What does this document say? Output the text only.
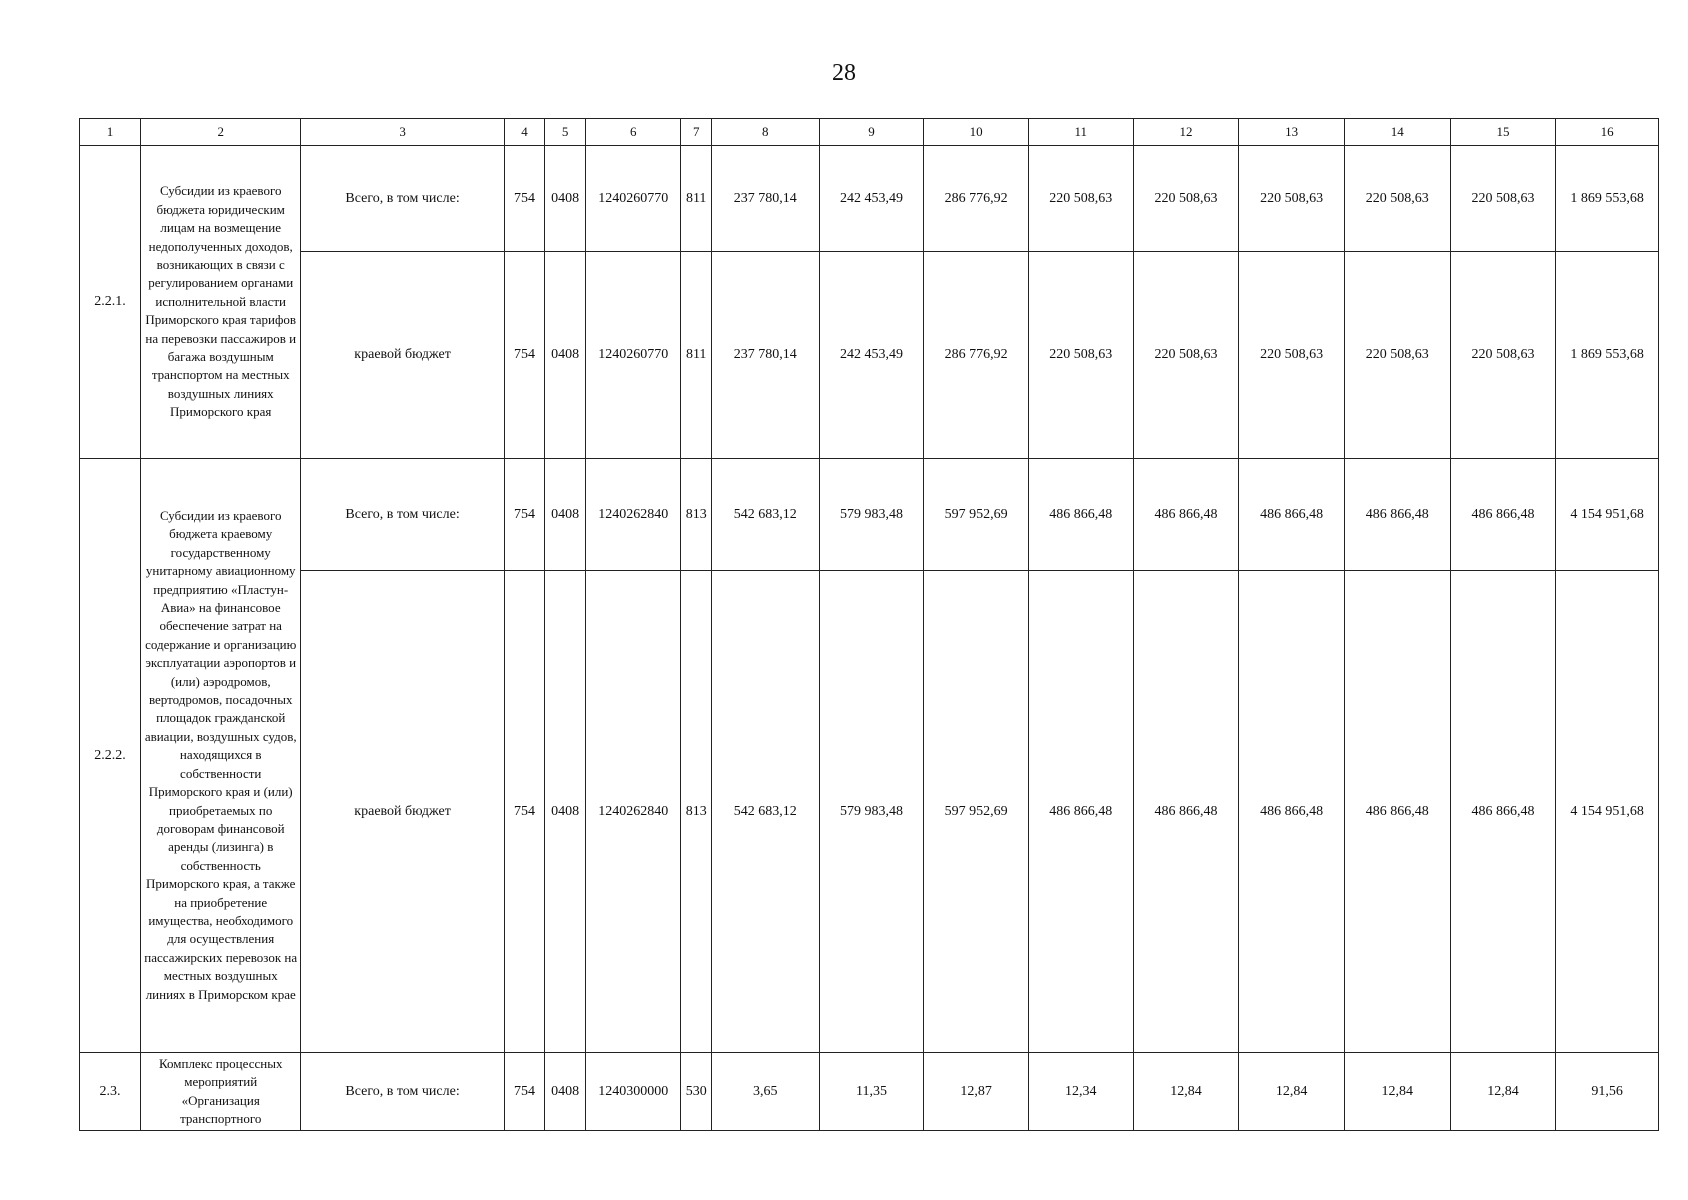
28
1	2	3	4	5	6	7	8	9	10	11	12	13	14	15	16
2.2.1.	Субсидии из краевого бюджета юридическим лицам на возмещение недополученных доходов, возникающих в связи с регулированием органами исполнительной власти Приморского края тарифов на перевозки пассажиров и багажа воздушным транспортом на местных воздушных линиях Приморского края	Всего, в том числе:	754	0408	1240260770	811	237 780,14	242 453,49	286 776,92	220 508,63	220 508,63	220 508,63	220 508,63	220 508,63	1 869 553,68
		краевой бюджет	754	0408	1240260770	811	237 780,14	242 453,49	286 776,92	220 508,63	220 508,63	220 508,63	220 508,63	220 508,63	1 869 553,68
2.2.2.	Субсидии из краевого бюджета краевому государственному унитарному авиационному предприятию «Пластун-Авиа» на финансовое обеспечение затрат на содержание и организацию эксплуатации аэропортов и (или) аэродромов, вертодромов, посадочных площадок гражданской авиации, воздушных судов, находящихся в собственности Приморского края и (или) приобретаемых по договорам финансовой аренды (лизинга) в собственность Приморского края, а также на приобретение имущества, необходимого для осуществления пассажирских перевозок на местных воздушных линиях в Приморском крае	Всего, в том числе:	754	0408	1240262840	813	542 683,12	579 983,48	597 952,69	486 866,48	486 866,48	486 866,48	486 866,48	486 866,48	4 154 951,68
		краевой бюджет	754	0408	1240262840	813	542 683,12	579 983,48	597 952,69	486 866,48	486 866,48	486 866,48	486 866,48	486 866,48	4 154 951,68
2.3.	Комплекс процессных мероприятий «Организация транспортного	Всего, в том числе:	754	0408	1240300000	530	3,65	11,35	12,87	12,34	12,84	12,84	12,84	12,84	91,56
